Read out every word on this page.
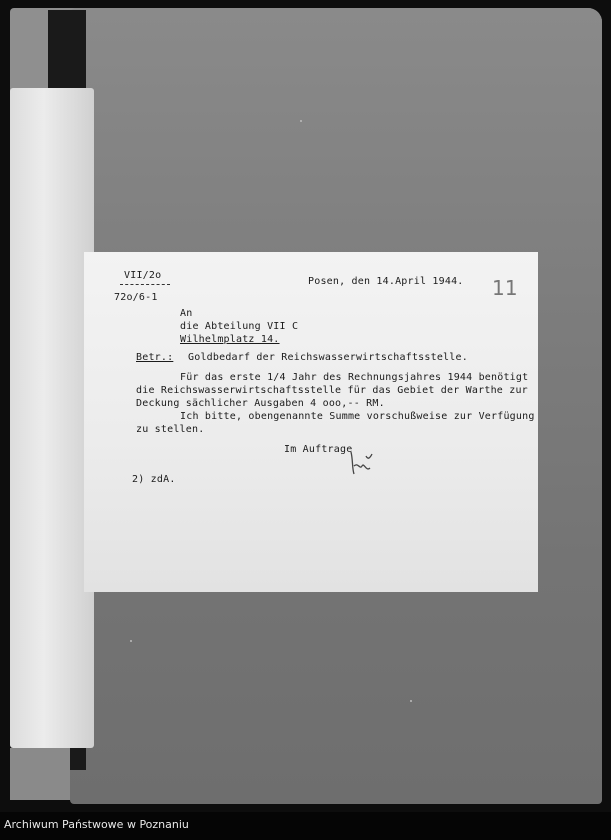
VII/2o
72o/6-1
Posen, den 14.April 1944. 11
An
die Abteilung VII C
Wilhelmplatz 14.
Betr.: Goldbedarf der Reichswasserwirtschaftsstelle.
Für das erste 1/4 Jahr des Rechnungsjahres 1944 benötigt
die Reichswasserwirtschaftsstelle für das Gebiet der Warthe zur
Deckung sächlicher Ausgaben 4 ooo,-- RM.
Ich bitte, obengenannte Summe vorschußweise zur Verfügung
zu stellen.
Im Auftrage
2) zdA.
Archiwum Państwowe w Poznaniu
